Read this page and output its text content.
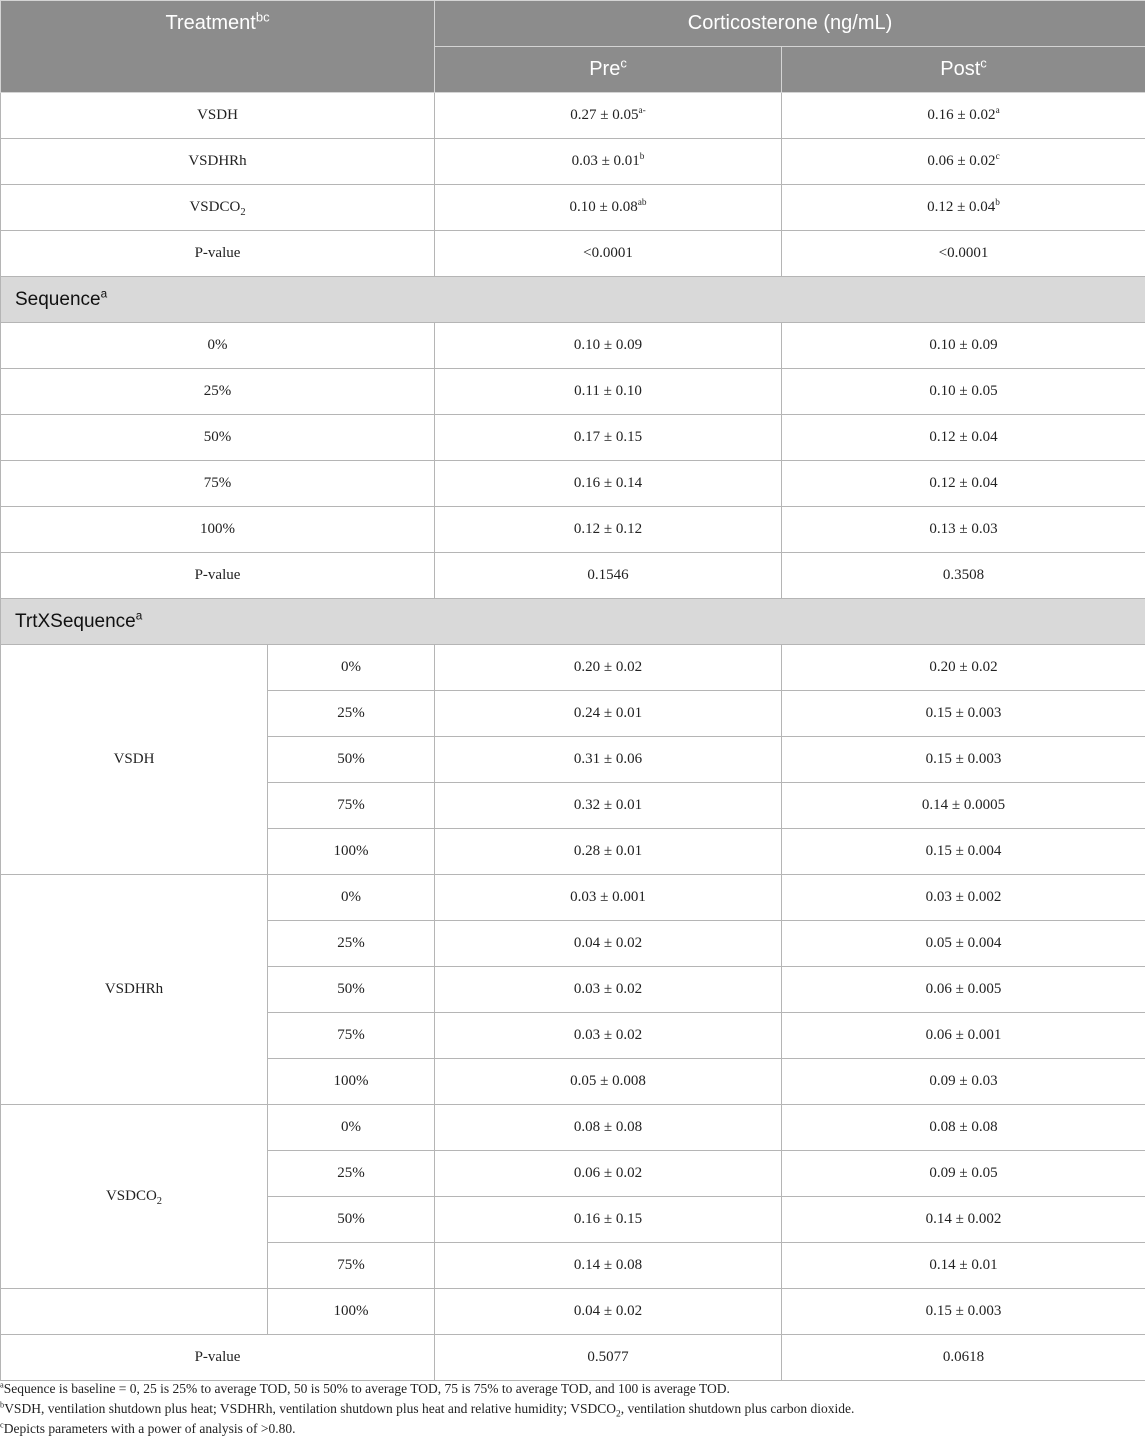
Treatment$^{bc}$		Corticosterone (ng/mL)	
		Pre$^c$	Post$^c$
VSDH		$0.27 \pm 0.05^{a-}$	0.16 ± 0.02$^a$
VSDHRh		0.03 ± 0.01$^b$	0.06 ± 0.02$^c$
$VSDCO_2$		0.10 ± 0.08$^{ab}$	0.12 ± 0.04$^b$
P-value		<0.0001	<0.0001
Sequence$^a$
0%		0.10 ± 0.09	0.10 ± 0.09
25%		0.11 ± 0.10	0.10 ± 0.05
50%		0.17 ± 0.15	0.12 ± 0.04
75%		0.16 ± 0.14	0.12 ± 0.04
100%		0.12 ± 0.12	0.13 ± 0.03
P-value		0.1546	0.3508
TrtXSequence$^a$
VSDH	0%	0.20 ± 0.02	0.20 ± 0.02
	25%	0.24 ± 0.01	0.15 ± 0.003
	50%	0.31 ± 0.06	0.15 ± 0.003
	75%	0.32 ± 0.01	0.14 ± 0.0005
	100%	0.28 ± 0.01	0.15 ± 0.004
VSDHRh	0%	0.03 ± 0.001	0.03 ± 0.002
	25%	0.04 ± 0.02	0.05 ± 0.004
	50%	0.03 ± 0.02	0.06 ± 0.005
	75%	0.03 ± 0.02	0.06 ± 0.001
	100%	0.05 ± 0.008	0.09 ± 0.03
$VSDCO_2$	0%	0.08 ± 0.08	0.08 ± 0.08
	25%	0.06 ± 0.02	0.09 ± 0.05
	50%	0.16 ± 0.15	0.14 ± 0.002
	75%	0.14 ± 0.08	0.14 ± 0.01
	100%	0.04 ± 0.02	0.15 ± 0.003
P-value		0.5077	0.0618
$^a$Sequence is baseline = 0, 25 is 25% to average TOD, 50 is 50% to average TOD, 75 is 75% to average TOD, and 100 is average TOD.
$^b$VSDH, ventilation shutdown plus heat; VSDHRh, ventilation shutdown plus heat and relative humidity; $VSDCO_2$, ventilation shutdown plus carbon dioxide.
$^c$Depicts parameters with a power of analysis of >0.80.
